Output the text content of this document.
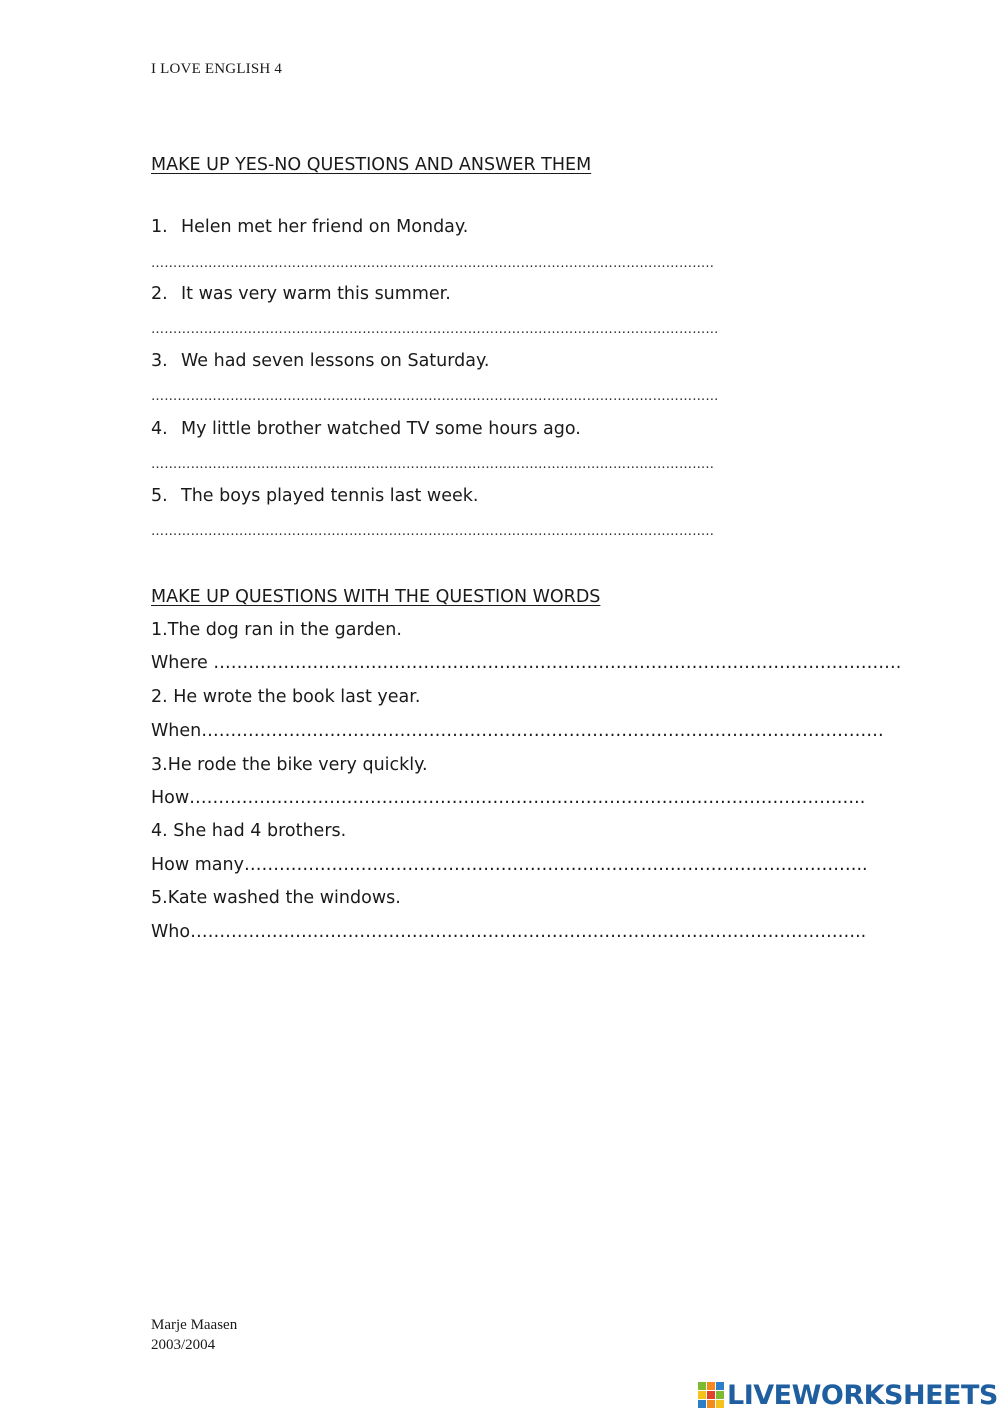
I LOVE ENGLISH 4
MAKE UP YES-NO QUESTIONS AND ANSWER THEM
1. Helen met her friend on Monday.
………………………………………………………………………………………………………………..
2. It was very warm this summer.
…………………………………………………………………………………………………………………
3. We had seven lessons on Saturday.
…………………………………………………………………………………………………………………
4. My little brother watched TV some hours ago.
………………………………………………………………………………………………………………..
5. The boys played tennis last week.
………………………………………………………………………………………………………………..
MAKE UP QUESTIONS WITH THE QUESTION WORDS
1.The dog ran in the garden.
Where ……………………………………………………………………………………………………….
2. He wrote the book last year.
When………………………………………………………………………………………………………
3.He rode the bike very quickly.
How……………………………………………………………………………………………………..
4. She had 4 brothers.
How many……………………………………………………………………………………………..
5.Kate washed the windows.
Who……………………………………………………………………………………………………..
Marje Maasen
2003/2004
LIVEWORKSHEETS
